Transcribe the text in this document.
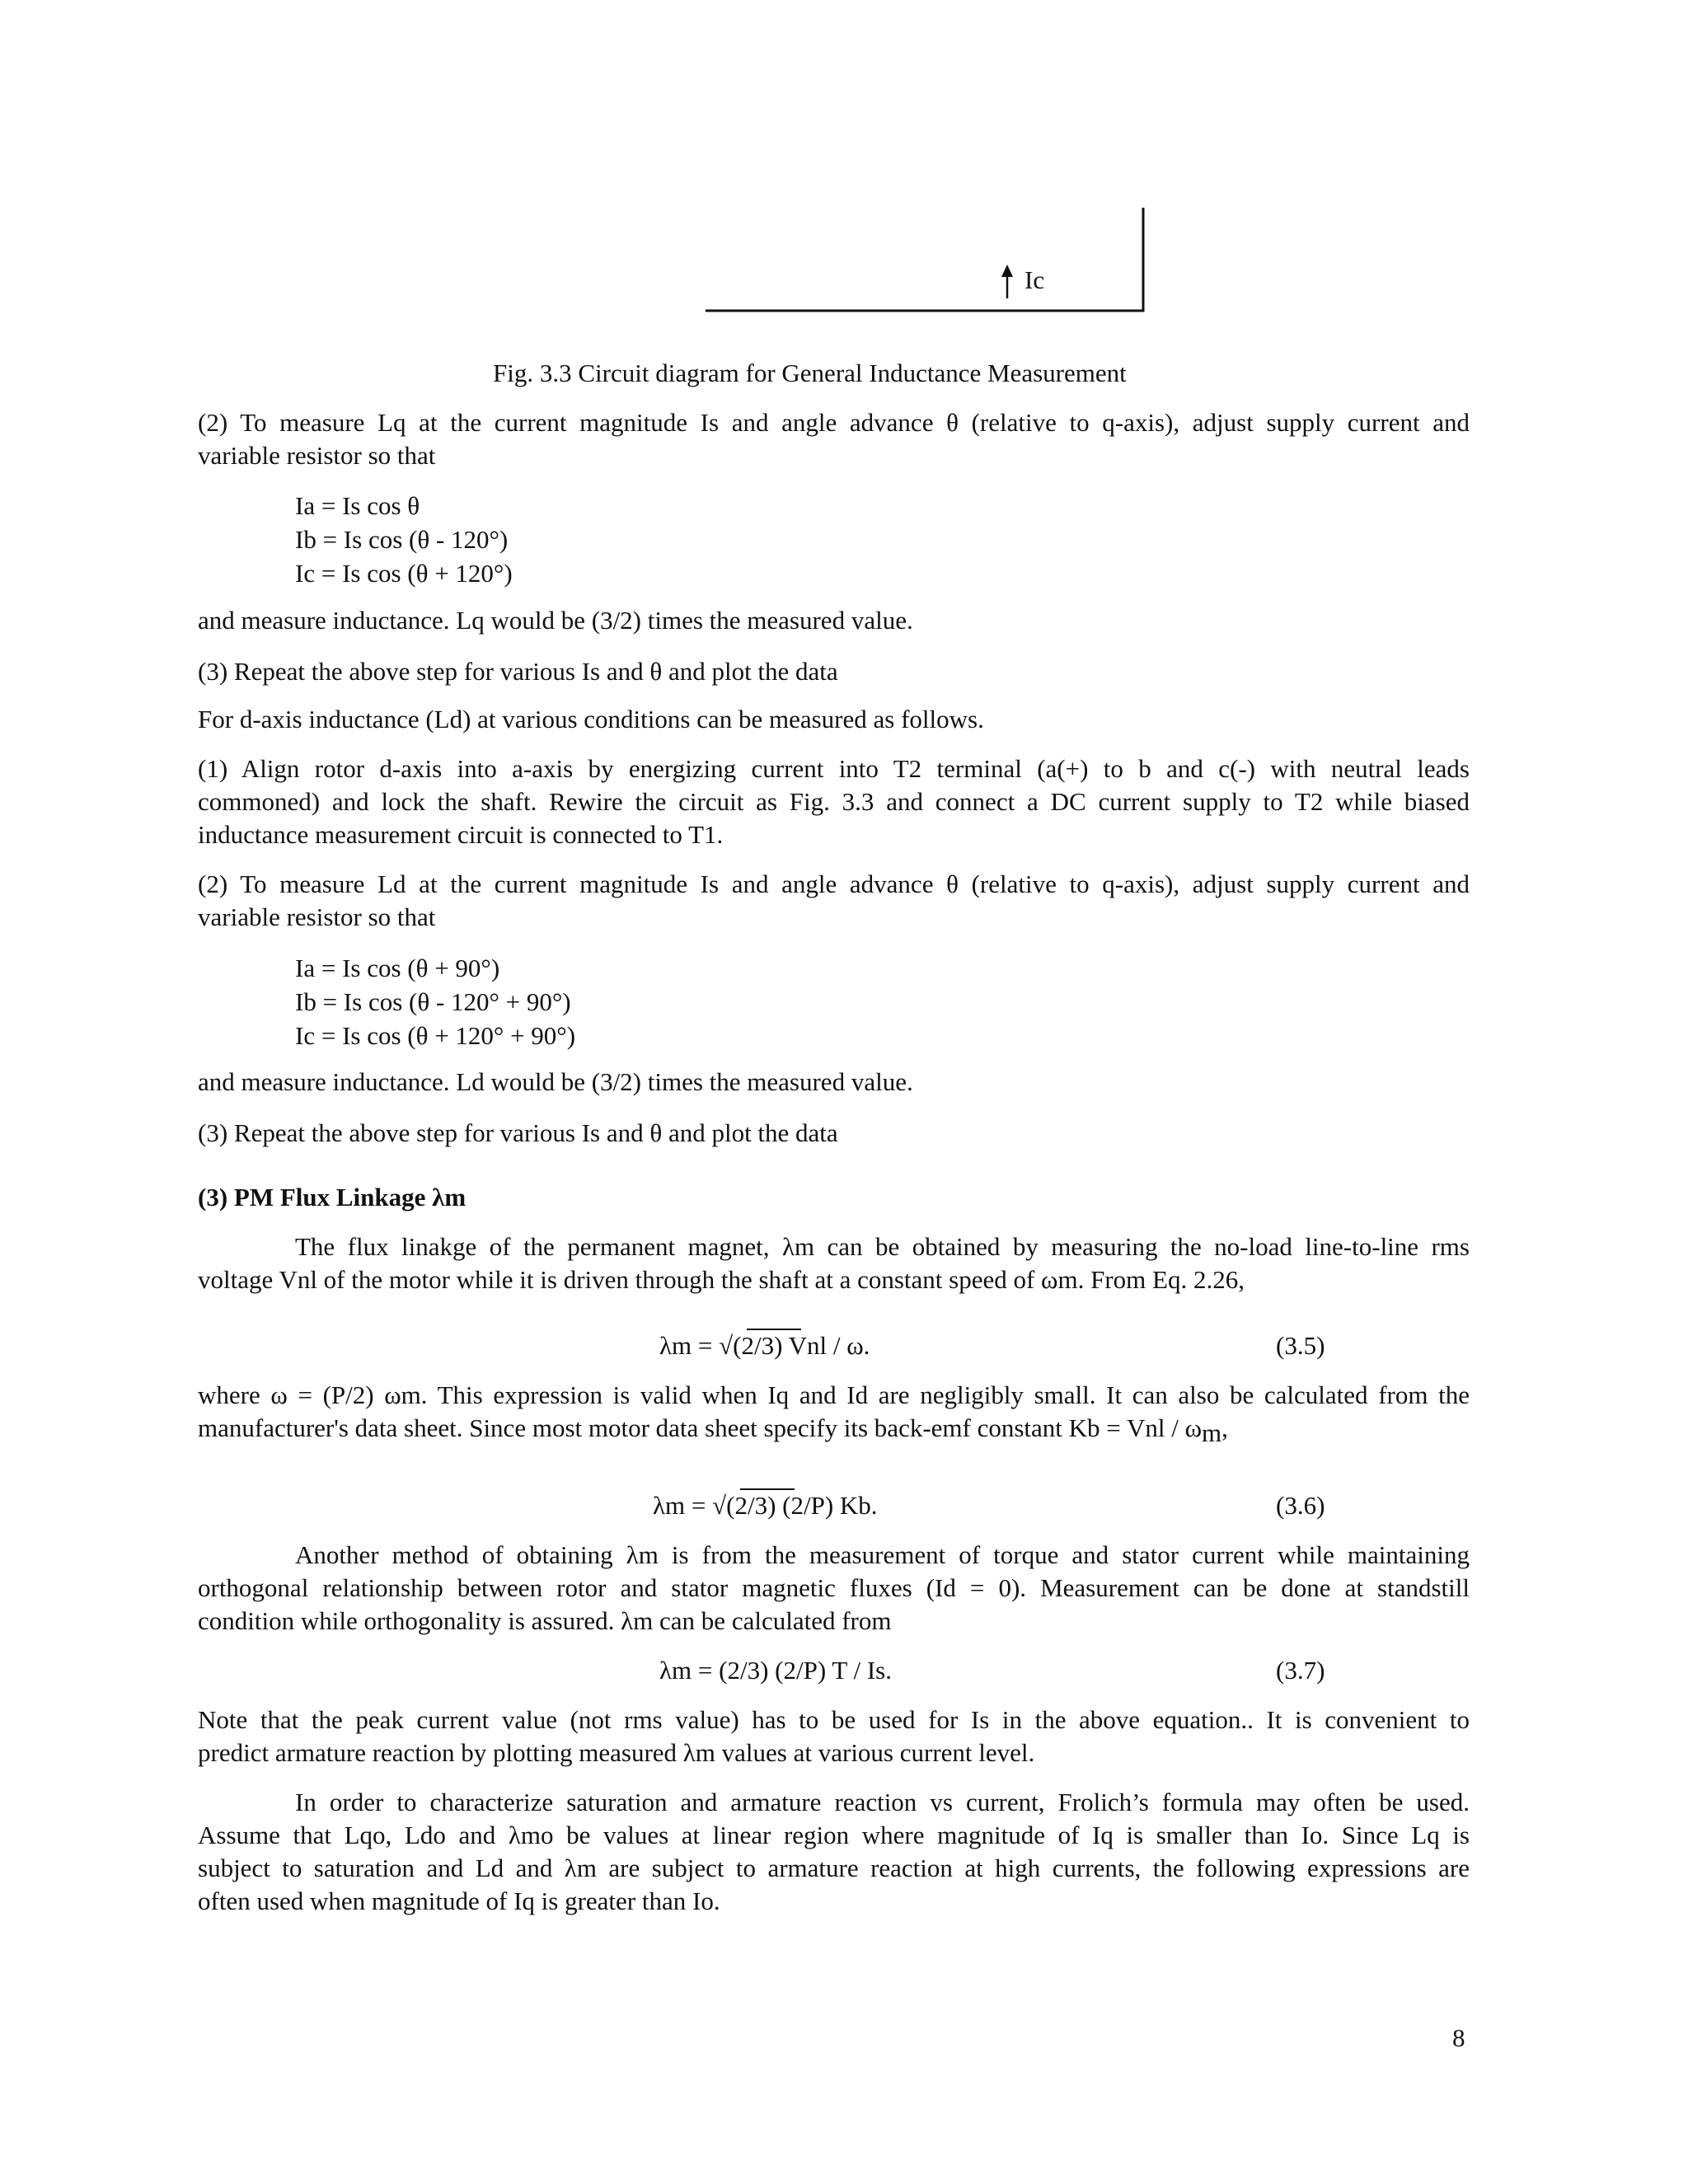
Ic
Fig. 3.3 Circuit diagram for General Inductance Measurement
(2) To measure Lq at the current magnitude Is and angle advance θ (relative to q-axis), adjust supply current and
variable resistor so that
Ia = Is cos θ
Ib = Is cos (θ - 120°)
Ic = Is cos (θ + 120°)
and measure inductance. Lq would be (3/2) times the measured value.
(3) Repeat the above step for various Is and θ and plot the data
For d-axis inductance (Ld) at various conditions can be measured as follows.
(1) Align rotor d-axis into a-axis by energizing current into T2 terminal (a(+) to b and c(-) with neutral leads
commoned) and lock the shaft. Rewire the circuit as Fig. 3.3 and connect a DC current supply to T2 while biased
inductance measurement circuit is connected to T1.
(2) To measure Ld at the current magnitude Is and angle advance θ (relative to q-axis), adjust supply current and
variable resistor so that
Ia = Is cos (θ + 90°)
Ib = Is cos (θ - 120° + 90°)
Ic = Is cos (θ + 120° + 90°)
and measure inductance. Ld would be (3/2) times the measured value.
(3) Repeat the above step for various Is and θ and plot the data
(3) PM Flux Linkage λm
The flux linakge of the permanent magnet, λm can be obtained by measuring the no-load line-to-line rms
voltage Vnl of the motor while it is driven through the shaft at a constant speed of ωm. From Eq. 2.26,
λm = √(2/3) Vnl / ω.	(3.5)
where ω = (P/2) ωm. This expression is valid when Iq and Id are negligibly small. It can also be calculated from the
manufacturer's data sheet. Since most motor data sheet specify its back-emf constant Kb = Vnl / ωm,
λm = √(2/3) (2/P) Kb.	(3.6)
Another method of obtaining λm is from the measurement of torque and stator current while maintaining
orthogonal relationship between rotor and stator magnetic fluxes (Id = 0). Measurement can be done at standstill
condition while orthogonality is assured. λm can be calculated from
λm = (2/3) (2/P) T / Is.	(3.7)
Note that the peak current value (not rms value) has to be used for Is in the above equation.. It is convenient to
predict armature reaction by plotting measured λm values at various current level.
In order to characterize saturation and armature reaction vs current, Frolich’s formula may often be used.
Assume that Lqo, Ldo and λmo be values at linear region where magnitude of Iq is smaller than Io. Since Lq is
subject to saturation and Ld and λm are subject to armature reaction at high currents, the following expressions are
often used when magnitude of Iq is greater than Io.
8
